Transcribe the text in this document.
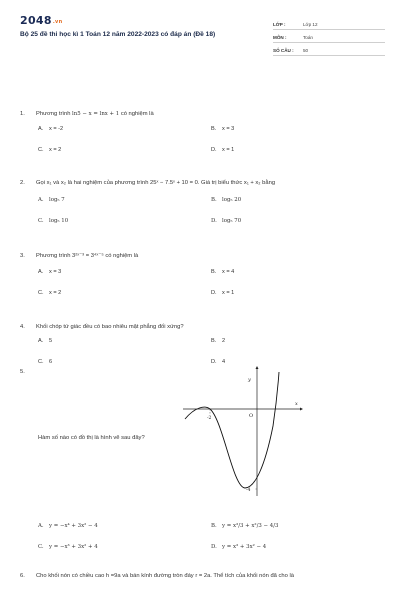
2048.vn
Bộ 25 đề thi học kì 1 Toán 12 năm 2022-2023 có đáp án (Đề 18)
LỚP :	Lớp 12
MÔN :	Toán
SỐ CÂU :	50
1. Phương trình ln5 − x = lnx + 1 có nghiệm là
A. x = -2	B. x = 3
C. x = 2	D. x = 1
2. Gọi x₁ và x₂ là hai nghiệm của phương trình 25ˣ − 7.5ˣ + 10 = 0. Giá trị biểu thức x₁ + x₂ bằng
A. log₅ 7	B. log₅ 20
C. log₅ 10	D. log₅ 70
3. Phương trình 3²ˣ⁻³ = 3⁴ˣ⁻⁵ có nghiệm là
A. x = 3	B. x = 4
C. x = 2	D. x = 1
4. Khối chóp tứ giác đều có bao nhiêu mặt phẳng đối xứng?
A. 5	B. 2
C. 6	D. 4
5.
Hàm số nào có đồ thị là hình vẽ sau đây?
A. y = −x⁴ + 3x² − 4	B. y = x³/3 + x²/3 − 4/3
C. y = −x³ + 3x² + 4	D. y = x³ + 3x² − 4
y
x
O
-2
-4
6.	Cho khối nón có chiều cao h =9a và bán kính đường tròn đáy r = 2a. Thể tích của khối nón đã cho là
